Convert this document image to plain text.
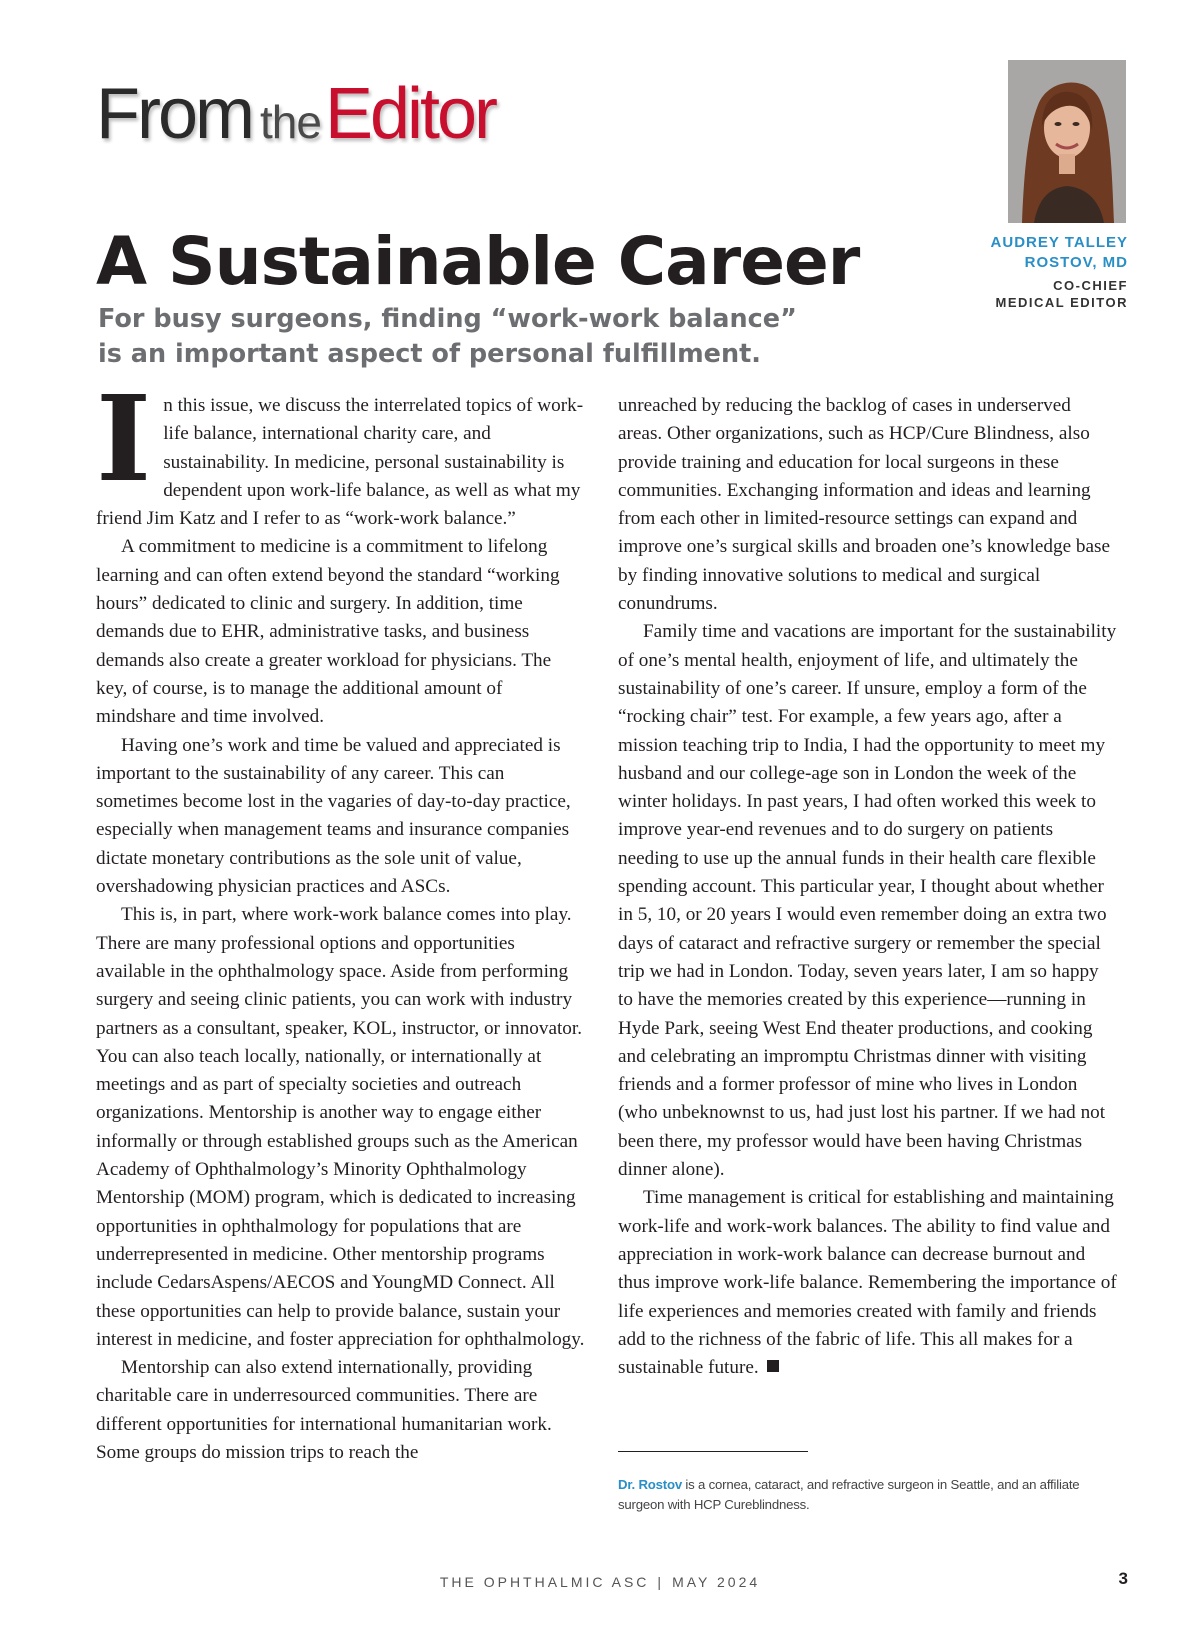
From theEditor
AUDREY TALLEY
ROSTOV, MD
CO-CHIEF
MEDICAL EDITOR
A Sustainable Career
For busy surgeons, finding “work-work balance” is an important aspect of personal fulfillment.
I n this issue, we discuss the interrelated topics of work-life balance, international charity care, and sustainability. In medicine, personal sustainability is dependent upon work-life balance, as well as what my friend Jim Katz and I refer to as “work-work balance.”

A commitment to medicine is a commitment to lifelong learning and can often extend beyond the standard “working hours” dedicated to clinic and surgery. In addition, time demands due to EHR, administrative tasks, and business demands also create a greater workload for physicians. The key, of course, is to manage the additional amount of mindshare and time involved.

Having one’s work and time be valued and appreciated is important to the sustainability of any career. This can sometimes become lost in the vagaries of day-to-day practice, especially when management teams and insurance companies dictate monetary contributions as the sole unit of value, overshadowing physician practices and ASCs.

This is, in part, where work-work balance comes into play. There are many professional options and opportunities available in the ophthalmology space. Aside from performing surgery and seeing clinic patients, you can work with industry partners as a consultant, speaker, KOL, instructor, or innovator. You can also teach locally, nationally, or internationally at meetings and as part of specialty societies and outreach organizations. Mentorship is another way to engage either informally or through established groups such as the American Academy of Ophthalmology’s Minority Ophthalmology Mentorship (MOM) program, which is dedicated to increasing opportunities in ophthalmology for populations that are underrepresented in medicine. Other mentorship programs include CedarsAspens/AECOS and YoungMD Connect. All these opportunities can help to provide balance, sustain your interest in medicine, and foster appreciation for ophthalmology.

Mentorship can also extend internationally, providing charitable care in underresourced communities. There are different opportunities for international humanitarian work. Some groups do mission trips to reach the

unreached by reducing the backlog of cases in underserved areas. Other organizations, such as HCP/Cure Blindness, also provide training and education for local surgeons in these communities. Exchanging information and ideas and learning from each other in limited-resource settings can expand and improve one’s surgical skills and broaden one’s knowledge base by finding innovative solutions to medical and surgical conundrums.

Family time and vacations are important for the sustainability of one’s mental health, enjoyment of life, and ultimately the sustainability of one’s career. If unsure, employ a form of the “rocking chair” test. For example, a few years ago, after a mission teaching trip to India, I had the opportunity to meet my husband and our college-age son in London the week of the winter holidays. In past years, I had often worked this week to improve year-end revenues and to do surgery on patients needing to use up the annual funds in their health care flexible spending account. This particular year, I thought about whether in 5, 10, or 20 years I would even remember doing an extra two days of cataract and refractive surgery or remember the special trip we had in London. Today, seven years later, I am so happy to have the memories created by this experience—running in Hyde Park, seeing West End theater productions, and cooking and celebrating an impromptu Christmas dinner with visiting friends and a former professor of mine who lives in London (who unbeknownst to us, had just lost his partner. If we had not been there, my professor would have been having Christmas dinner alone).

Time management is critical for establishing and maintaining work-life and work-work balances. The ability to find value and appreciation in work-work balance can decrease burnout and thus improve work-life balance. Remembering the importance of life experiences and memories created with family and friends add to the richness of the fabric of life. This all makes for a sustainable future.

Dr. Rostov is a cornea, cataract, and refractive surgeon in Seattle, and an affiliate surgeon with HCP Cureblindness.
THE OPHTHALMIC ASC | MAY 2024	3
